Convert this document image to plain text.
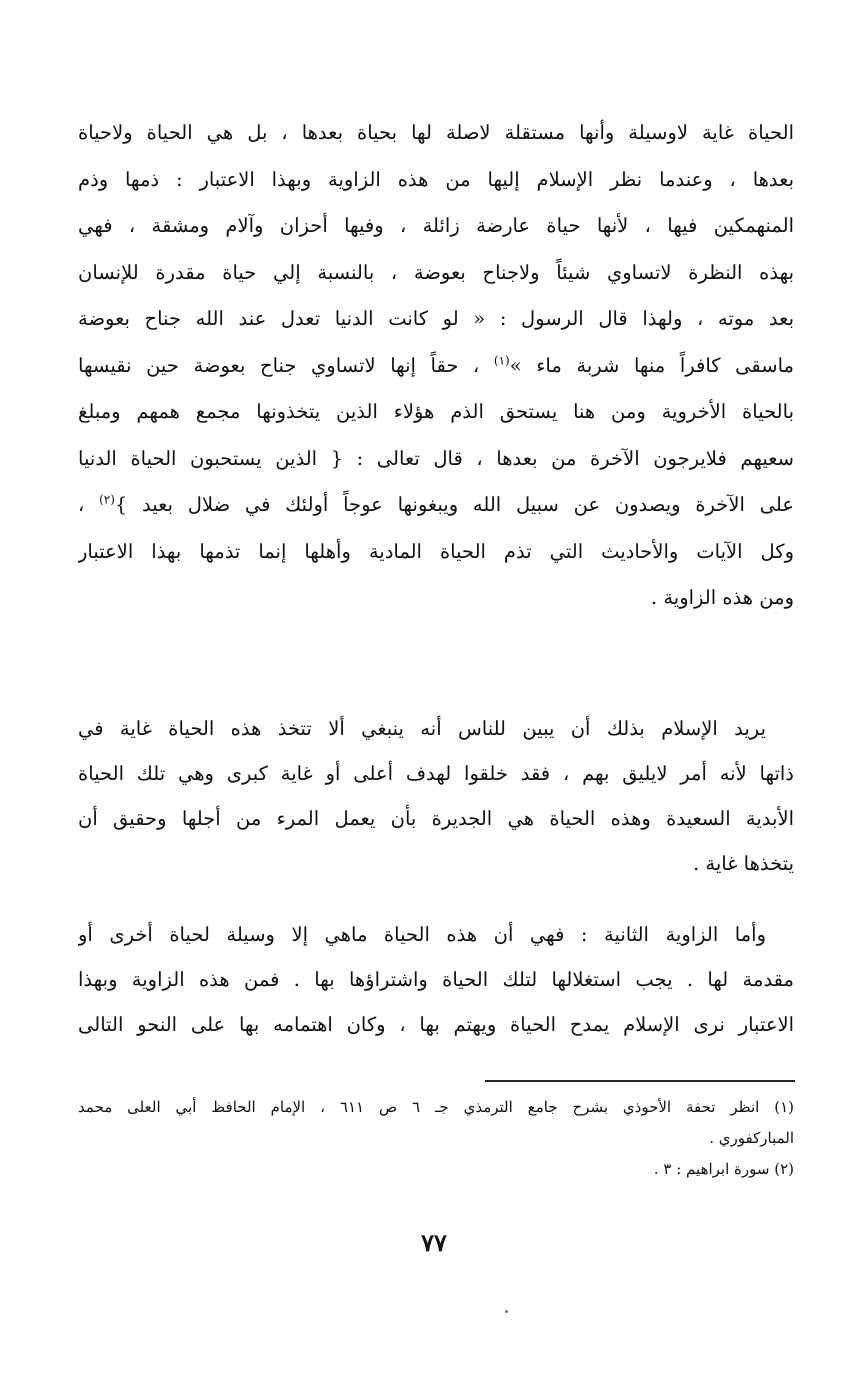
الحياة غاية لاوسيلة وأنها مستقلة لاصلة لها بحياة بعدها ، بل هي الحياة ولاحياة
بعدها ، وعندما نظر الإسلام إليها من هذه الزاوية وبهذا الاعتبار : ذمها وذم
المنهمكين فيها ، لأنها حياة عارضة زائلة ، وفيها أحزان وآلام ومشقة ، فهي
بهذه النظرة لاتساوي شيئاً ولاجناح بعوضة ، بالنسبة إلي حياة مقدرة للإنسان
بعد موته ، ولهذا قال الرسول : « لو كانت الدنيا تعدل عند الله جناح بعوضة
ماسقى كافراً منها شربة ماء »$^{(١)}$ ، حقاً إنها لاتساوي جناح بعوضة حين نقيسها
بالحياة الأخروية ومن هنا يستحق الذم هؤلاء الذين يتخذونها مجمع همهم ومبلغ
سعيهم فلايرجون الآخرة من بعدها ، قال تعالى : { الذين يستحبون الحياة الدنيا
على الآخرة ويصدون عن سبيل الله ويبغونها عوجاً أولئك في ضلال بعيد }$^{(٢)}$ ،
وكل الآيات والأحاديث التي تذم الحياة المادية وأهلها إنما تذمها بهذا الاعتبار
ومن هذه الزاوية .
يريد الإسلام بذلك أن يبين للناس أنه ينبغي ألا تتخذ هذه الحياة غاية في
ذاتها لأنه أمر لايليق بهم ، فقد خلقوا لهدف أعلى أو غاية كبرى وهي تلك الحياة
الأبدية السعيدة وهذه الحياة هي الجديرة بأن يعمل المرء من أجلها وحقيق أن
يتخذها غاية .
وأما الزاوية الثانية : فهي أن هذه الحياة ماهي إلا وسيلة لحياة أخرى أو
مقدمة لها . يجب استغلالها لتلك الحياة واشتراؤها بها . فمن هذه الزاوية وبهذا
الاعتبار نرى الإسلام يمدح الحياة ويهتم بها ، وكان اهتمامه بها على النحو التالى
(١) انظر تحفة الأحوذي بشرح جامع الترمذي جـ ٦ ص ٦١١ ، الإمام الحافظ أبي العلى محمد
المباركفوري .
(٢) سورة ابراهيم : ٣ .
٧٧
